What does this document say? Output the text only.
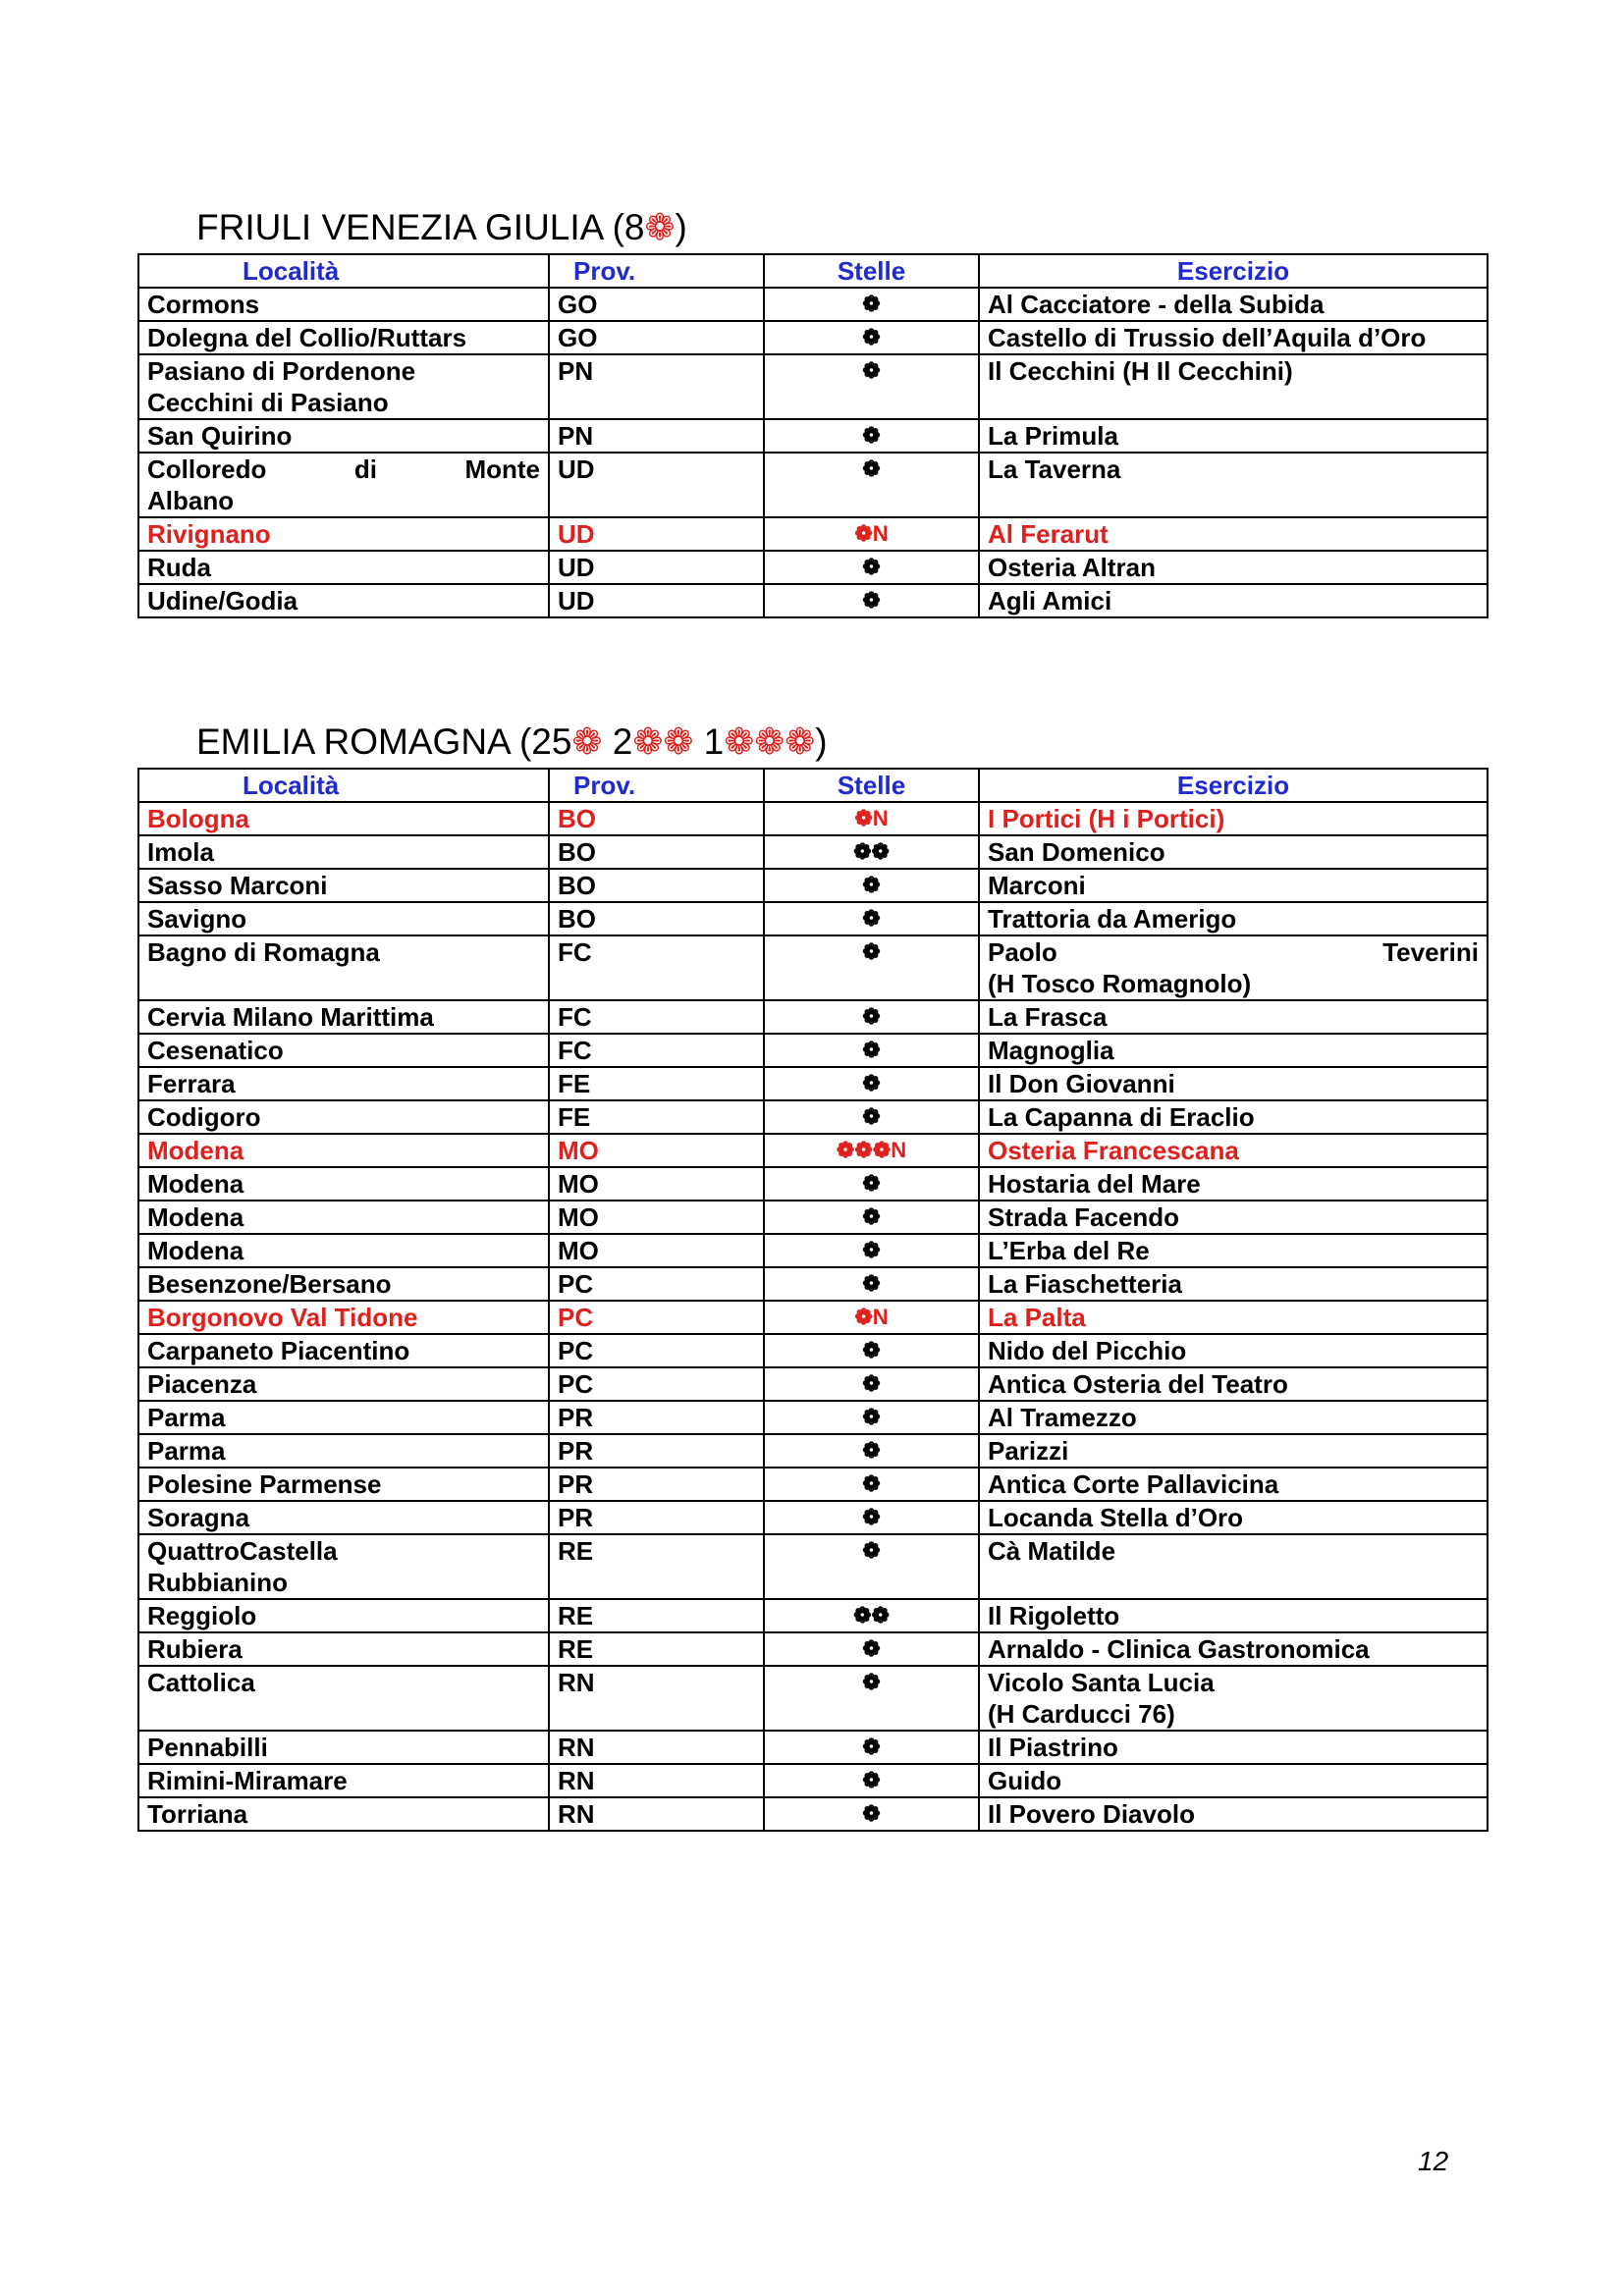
FRIULI VENEZIA GIULIA (8❁)
Località	Prov.	Stelle	Esercizio

Cormons	GO	❁	Al Cacciatore - della Subida

Dolegna del Collio/Ruttars	GO	❁	Castello di Trussio dell’Aquila d’Oro

Pasiano di Pordenone
Cecchini di Pasiano	PN	❁	Il Cecchini (H Il Cecchini)

San Quirino	PN	❁	La Primula

Colloredo di Monte
Albano	UD	❁	La Taverna

Rivignano	UD	❁N	Al Ferarut

Ruda	UD	❁	Osteria Altran

Udine/Godia	UD	❁	Agli Amici
EMILIA ROMAGNA (25❁ 2❁❁ 1❁❁❁)
Località	Prov.	Stelle	Esercizio

Bologna	BO	❁N	I Portici (H i Portici)

Imola	BO	❁❁	San Domenico

Sasso Marconi	BO	❁	Marconi

Savigno	BO	❁	Trattoria da Amerigo

Bagno di Romagna	FC	❁	Paolo Teverini
(H Tosco Romagnolo)

Cervia Milano Marittima	FC	❁	La Frasca

Cesenatico	FC	❁	Magnoglia

Ferrara	FE	❁	Il Don Giovanni

Codigoro	FE	❁	La Capanna di Eraclio

Modena	MO	❁❁❁N	Osteria Francescana

Modena	MO	❁	Hostaria del Mare

Modena	MO	❁	Strada Facendo

Modena	MO	❁	L’Erba del Re

Besenzone/Bersano	PC	❁	La Fiaschetteria

Borgonovo Val Tidone	PC	❁N	La Palta

Carpaneto Piacentino	PC	❁	Nido del Picchio

Piacenza	PC	❁	Antica Osteria del Teatro

Parma	PR	❁	Al Tramezzo

Parma	PR	❁	Parizzi

Polesine Parmense	PR	❁	Antica Corte Pallavicina

Soragna	PR	❁	Locanda Stella d’Oro

QuattroCastella
Rubbianino	RE	❁	Cà Matilde

Reggiolo	RE	❁❁	Il Rigoletto

Rubiera	RE	❁	Arnaldo - Clinica Gastronomica

Cattolica	RN	❁	Vicolo Santa Lucia
(H Carducci 76)

Pennabilli	RN	❁	Il Piastrino

Rimini-Miramare	RN	❁	Guido

Torriana	RN	❁	Il Povero Diavolo
12
